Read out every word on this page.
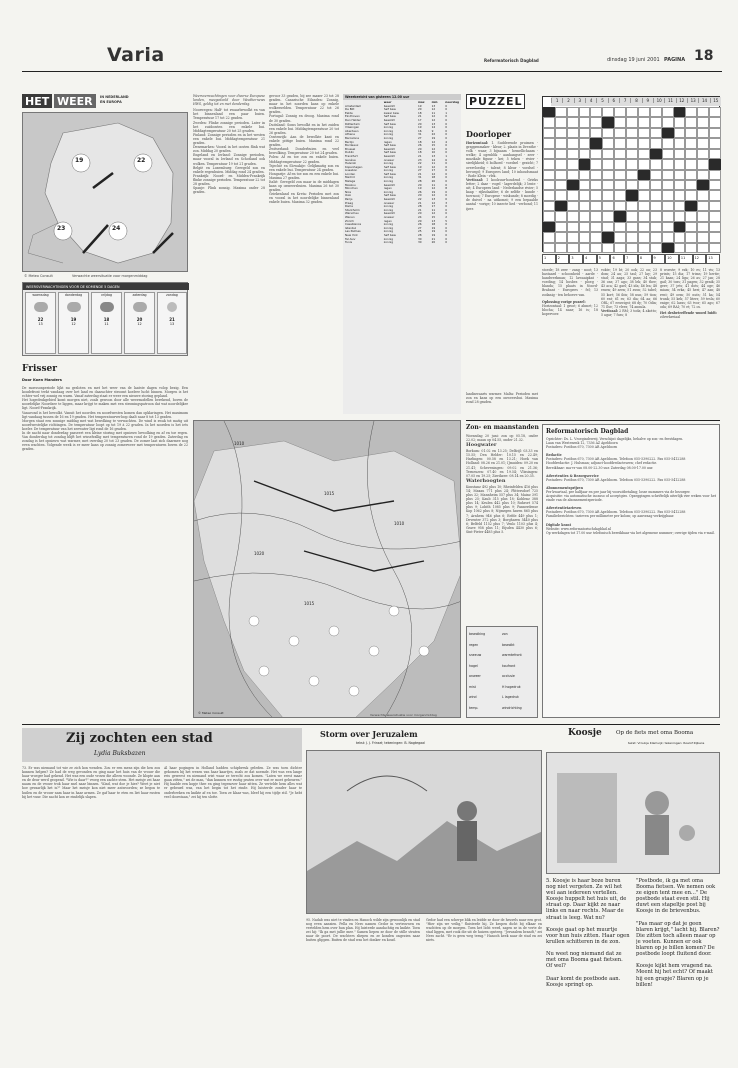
Varia	Reformatorisch Dagblad	dinsdag 19 juni 2001 PAGINA 18
HET WEER	IN NEDERLAND
EN EUROPA
19	22
23	24
© Meteo Consult	Verwachte weersituatie voor morgenmiddag
WEERSVERWACHTINGEN VOOR DE KOMENDE 5 DAGEN
woensdag
22
13
donderdag
19
12
vrijdag
18
11
zaterdag
20
12
zondag
21
13
Frisser
Door Koen Manders

De moessonperiode lijkt nu gesloten en met het weer van de laatste dagen volop bezig. Een koudefront trekt vandaag over het land en daarachter stroomt koelere lucht binnen. Morgen is het echter wel vrij zonnig en warm. Vanaf zaterdag staat er weer een nieuwe storing gepland.

Het hogedrukgebied komt morgen niet, zoals gewoon door alle weermodellen berekend, boven de noordelijke Noordzee te liggen, maar krijgt te maken met een stromingspatroon dat wat noordelijker ligt. Noord-Frankrijk.

Vanavond is het bewolkt. Vanuit het noorden en noordwesten komen dan opklaringen. Het maximum ligt vandaag tussen de 16 en 19 graden. Het temperatuurverloop daalt naar 8 tot 13 graden.

Morgen staat een zonnige middag met wat bewolking te verwachten. De wind is zwak tot matig uit noordwestelijke richtingen. De temperatuur loopt op tot 19 à 22 graden. In het noorden is het iets koeler. De temperatuur van het zeewater ligt rond de 16 graden.

In de nacht naar donderdag passeert een kleine storing met opnieuw bewolking en af en toe regen. Van donderdag tot zondag blijft het wisselvallig met temperaturen rond de 19 graden. Zaterdag en zondag is het opnieuw wat warmer, met overdag 20 tot 23 graden. De zomer laat zich daarmee nog even wachten. Volgende week is er meer kans op zonnig zomerweer met temperaturen boven de 22 graden.

Weersverwachtingen voor diverse Europese landen, meegedeeld door Weathernews HWS, geldig tot en met donderdag.

Noorwegen: Half- tot zwaarbewolkt en van het binnenland een paar buien. Temperatuur 17 tot 22 graden.

Zweden: Flinke zonnige perioden. Later in het zuidoosten een enkele bui. Middagtemperatuur 20 tot 25 graden.

Finland: Zonnige perioden en in het westen een enkele bui. Middagtemperatuur 21 graden.

Denemarken: Vooral in het oosten flink wat zon. Middag 20 graden.

Engeland en Ierland: Zonnige perioden, maar vooral in Ierland en Schotland ook wolken. Temperatuur 19 tot 21 graden.

België en Luxemburg: Geregeld zon en enkele regenbuien. Middag rond 24 graden.

Frankrijk: Noord- en Midden-Frankrijk flinke zonnige perioden. Temperatuur 22 tot 28 graden.

Spanje: Flink zonnig. Maxima onder 28 graden.

gevoor 33 graden, bij zee maxer 23 tot 28 graden. Canarische Eilanden: Zonnig, maar in het noorden kans op enkele wolkenvelden. Temperatuur 22 tot 26 graden.

Portugal: Zonnig en droog. Maxima rond de 30 graden.

Duitsland: Soms bewolkt en in het zuiden een enkele bui. Middagtemperatuur 20 tot 26 graden.

Oostenrijk: Aan de bewolkte kant en enkele pittige buien. Maxima rond 22 graden.

Zwitserland: Donderbuien en veel bewolking. Temperatuur 20 tot 24 graden.

Polen: Af en toe zon en enkele buien. Middagtemperatuur 22 graden.

Tsjechië en Slowakije: Gelijkmatig zon en een enkele bui. Temperatuur 24 graden.

Hongarije: Af en toe zon en een enkele bui. Maxima 27 graden.

Italië: Geregeld zon maar in de middagen kans op onweersbuien. Maxima 26 tot 30 graden.

Griekenland en Kreta: Perioden met zon en vooral in het noordelijke binnenland enkele buien. Maxima 32 graden.

Weerbericht van gisteren 12.00 uur
weer	max	min	neerslag
Amsterdam	bewolkt	19	13	0
De Bilt	half bew.	20	12	0
Eelde	zwaar bew.	18	11	1
Eindhoven	half bew.	21	12	0
Den Helder	bewolkt	17	12	0
Rotterdam	half bew.	20	13	0
Vlissingen	zonnig	19	14	0
Aberdeen	zonnig	16	9	0
Athene	zonnig	31	22	0
Barcelona	zonnig	27	19	0
Berlijn	regen	18	12	4
Bordeaux	half bew.	26	15	0
Brussel	bewolkt	20	12	0
Dublin	half bew.	18	10	0
Frankfurt	bewolkt	21	13	1
Genève	onweer	23	14	6
Helsinki	zonnig	22	11	0
Kopenhagen	half bew.	19	12	0
Lissabon	zonnig	27	17	0
Londen	half bew.	21	12	0
Madrid	zonnig	31	18	0
Malaga	zonnig	28	20	0
Moskou	bewolkt	20	11	0
München	regen	19	12	8
Nice	zonnig	26	19	0
Oslo	half bew.	20	12	0
Parijs	bewolkt	22	13	0
Praag	onweer	21	12	3
Rome	zonnig	28	17	0
Stockholm	zonnig	21	11	0
Warschau	bewolkt	20	12	0
Wenen	onweer	24	15	2
Zürich	regen	20	13	5
Casablanca	zonnig	26	18	0
Istanbul	zonnig	27	19	0
Las Palmas	zonnig	25	19	0
New York	half bew.	28	19	0
Tel Aviv	zonnig	30	21	0
Tunis	zonnig	30	20	0
landinwaarts warmer. Malta: Perioden met zon en kans op een onweersbui. Maxima rond 28 graden.
1010
1015
1020
1010
1015
© Meteo Consult	Verwachte weersituatie voor morgenmiddag
bewolking	zon
regen	bewolkt
sneeuw	warmtefront
hagel	koufront
onweer	occlusie
mist	H hogedruk
wind	L lagedruk
temp.	windrichting
PUZZEL
Doorloper
Horizontaal: 1. Sudderende pruimen - grappenmaker - kleur; 2. plaats in Drenthe - volk - waar; 3 bijnaam - hemellichaam - welke; 4 ogenblik - aanhangsel - zeer - muzikale figuur - kei; 5 teken - rivier - sierlijkheid; 6 bolhoed - voedsel - gezicht; 7 overvloedig - talent; 8 kleur - voedsel - bevoegd; 9 Europees land; 10 inhoudsmaat - Rode Klein - vlek.
Verticaal: 1 koolzuur-houdend - Grieks letter; 2 daar - vogel - lagerdelijk; 3 lente - uit; 4 Europees land - Nederlandse rivier; 5 kaap - rijksdaalder; 6 de zelfde - kunde - toernooi; 7 Europese - wiskunde; 8 moedig - de duivel - na uitkomst; 9 een bepaalde aantal - vorige; 10 insecte lied - verbond; 11 ijzer.
1	2	3	4	5	6	7	8	9	10	11	12	13	14	15
1	2	3	4	5	6	7	8	9	10	11	12	13

stoede; 18 zeer - zang - noot; 13 bastaard - schoonheid - aarde - handwerkman; 12 lawaaipkat - voeding; 14 bosbes - ploeg - blanda; 15 plaats in Noord-Brabant - Europees - fel; 13 zodanig - ten behoeve van.

Oplossing vorige puzzel:

Horizontaal: 1 groot; 6 ahmet; 12 blocha; 14 naar; 16 is; 18 kopervoer.

vokte; 19 bt; 20 ook; 22 ou; 23 dom; 24 au; 25 tasl; 27 lay; 29 stad; 31 aaga; 33 gans; 34 stak; 36 ons; 37 ago; 38 lek; 40 thee; 43 aca; 42 gael; 43 ida; 46 lea; 48 essen; 49 aren; 51 avon; 52 tabel; 55 kort; 56 ibis; 58 nun; 59 tion; 60 ent; 61 es; 63 dia; 64 aa; 66 ORL; 67 eeuwigst; 68 dy; 70 Odin; 71 Ilse; 73 vlees; 74 annula.

Verticaal: 2 RM; 3 toda; 4 akotto; 5 agar; 7 fuss; 8

8 woeste; 9 ezk; 10 es; 11 vis; 13 prints; 15 dia; 17 trims; 19 hertie; 21 kaan; 24 liga; 26 as; 27 jan; 28 gail; 30 toss; 31 pagen; 32 genik; 35 gere; 37 jets; 41 dots; 44 oge; 46 miam; 54 erka; 45 heri; 47 aan; 48 rent; 49 oem; 50 nuts; 51 ka; 54 trunk; 55 kek; 57 liters; 59 tesla; 60 enige; 62 laras; 63 tvor; 65 ago; 67 oda; 69 RAI; 70 et; 72 os.

Het desbetreffende woord luidt:

zilverkreiaal

Zon- en maanstanden

Woensdag 20 juni: zon op 05.18, onder 22.02; maan op 04.55, onder 21.32.

Hoogwater

Borkum: 01.02 en 13.25; Delfzijl: 03.33 en 15.55; Den Helder: 10.15 en 22.49; Harlingen: 00.58 en 13.21; Hoek van Holland: 08.26 en 21.01; IJmuiden: 09.20 en 21.41; Scheveningen: 09.02 en 21.36; Terneuzen: 07.40 en 19.54; Vlissingen: 07.05 en 19.25; Zierikzee: 08.14 en 20.35.

Waterhoogten

Konstanz 492 plus 10; Rheinfelden 416 plus 14; Maxau 771 plus 24; Plittersdorf 725 plus 32; Mannheim 557 plus 34; Mainz 391 plus 25; Kaub 315 plus 18; Koblenz 388 plus 14; Keulen 442 plus 10; Ruhrort 574 plus 9; Lobith 1085 plus 9; Pannerdense Kop 1062 plus 8; Nijmegen haven 865 plus 7; Arnhem 946 plus 6; Eefde 449 plus 1; Deventer 372 plus 3; Borgharen 5440 plus 6; Belfeld 1152 plus 7; Venlo 1103 plus 4; Grave 958 plus 11; Eijsden 4430 plus 6; Sint-Pieter 4485 plus 5.

Reformatorisch Dagblad

Oprichter: Ds. L. Vroegindeweij. Verschijnt dagelijks, behalve op zon- en feestdagen.

Laan van Westenenk 12, 7336 AZ Apeldoorn

Postadres: Postbus 670, 7300 AR Apeldoorn

Redactie

Postadres: Postbus 670, 7300 AR Apeldoorn. Telefoon 055-5390222. Fax 055-5412288

Hoofdredactie: J. Hulsman; adjunct-hoofdredacteuren; chef redactie.

Bereikbaar: ma-vr van 08.00-22.30 uur. Zaterdag 08.00-17.00 uur.

Advertenties & Bezorgservice

Postadres: Postbus 670, 7300 AR Apeldoorn. Telefoon 055-5390222. Fax 055-5412288

Abonnementsprijzen

Per kwartaal, per halfjaar en per jaar bij vooruitbetaling; losse nummers via de bezorger.

Acquisitie: via automatische incasso of acceptgiro. Opzeggingen schriftelijk uiterlijk vier weken voor het einde van de abonnementsperiode.

Advertentietarieven

Postadres: Postbus 670, 7300 AR Apeldoorn. Telefoon 055-5390222. Fax 055-5412288

Familieberichten: tarieven per millimeter per kolom; op aanvraag verkrijgbaar.

Digitale krant

Website: www.reformatorischdagblad.nl

Op werkdagen tot 17.00 uur telefonisch bereikbaar via het algemene nummer; overige tijden via e-mail.

Zij zochten een stad
Lydia Buksbazen
73. Er was niemand tot wie ze zich kon wenden. Zou er een mens zijn die hen zou kunnen helpen? Ze had de weg gevonden en ging naar het huis van de vrouw die haar vroeger had gekend. Het was een oude vrouw die alleen woonde. Ze klopte aan en de deur werd geopend. "Wie is daar?" vroeg een zachte stem. Het meisje zei haar naam en de vrouw trok haar snel naar binnen. "Kind, wat doe je hier? Weet je niet hoe gevaarlijk het is?" Maar het meisje kon niet meer antwoorden; ze begon te huilen en de vrouw nam haar in haar armen. Ze gaf haar te eten en liet haar rusten bij het vuur. Die nacht kon ze eindelijk slapen.
Al haar pogingen in Holland hadden schipbreuk geleden. Ze was toen dichter gekomen bij het wezen van haar kaartjes, zoals ze dat noemde. Het was een lange reis geweest en niemand wist waar ze terecht zou komen. "Laten we eerst maar gaan zitten," zei de man, "dan kunnen we rustig praten over wat er moet gebeuren." Hij haalde een kopje thee en ging tegenover haar zitten. Ze vertelde hem alles wat er gebeurd was, van het begin tot het einde. Hij luisterde zonder haar te onderbreken en knikte af en toe. Toen ze klaar was, bleef hij een tijdje stil. "Je hebt veel doorstaan," zei hij ten slotte.
Storm over Jeruzalem
tekst: J. J. Frinsel; tekeningen: B. Nagtegaal
95. Nadab was niet te vinden en Hanoch wilde zijn gewoonlijk en stad nog even aanzien. Pella en Nero namen Gedor in vertrouwen en vertelden hem over hun plan. Hij luisterde aandachtig en knikte. Toen zei hij: "Ik ga met jullie mee." Samen liepen ze door de stille straten naar de poort. De wachters sliepen en ze konden ongezien naar buiten glippen. Buiten de stad was het donker en koud.
Gedor had een scherpe blik en leidde ze door de heuvels naar een grot. "Hier zijn we veilig," fluisterde hij. Ze kropen dicht bij elkaar en wachtten op de morgen. Toen het licht werd, zagen ze in de verte de stad liggen, met rook die uit de huizen opsteeg. "Jeruzalem brandt," zei Nero zacht. "Er is geen weg terug." Hanoch keek naar de stad en zei niets.
Koosje	Op de fiets met oma Booma
tekst: Vroukje Klamuijk; tekeningen: Roelof Rijkens
5. Koosje is haar boze buren nog niet vergeten. Ze wil het wel aan iedereen vertellen. Koosje huppelt het huis uit, de straat op. Daar kijkt ze naar links en naar rechts. Maar de straat is leeg. Wat nu?

Koosje gaat op het muurtje voor hun huis zitten. Haar ogen krullen schitteren in de zon.

Nu weet nog niemand dat ze met oma Booma gaat fietsen. Of wel?

Daar komt de postbode aan. Koosje springt op.
"Postbode, ik ga met oma Booma fietsen. We nemen ook ze eigen tent mee en..." De postbode staat even stil. Hij duwt een stapeltje post bij Koosje in de brievenbus.

"Pas maar op dat je geen blaren krijgt," lacht hij. Blaren? Die zitten toch alleen maar op je voeten. Kunnen er ook blaren op je billen komen? De postbode loopt fluitend door.

Koosje kijkt hem vragend na. Meent hij het echt? Of maakt hij een grapje? Blaren op je billen!
